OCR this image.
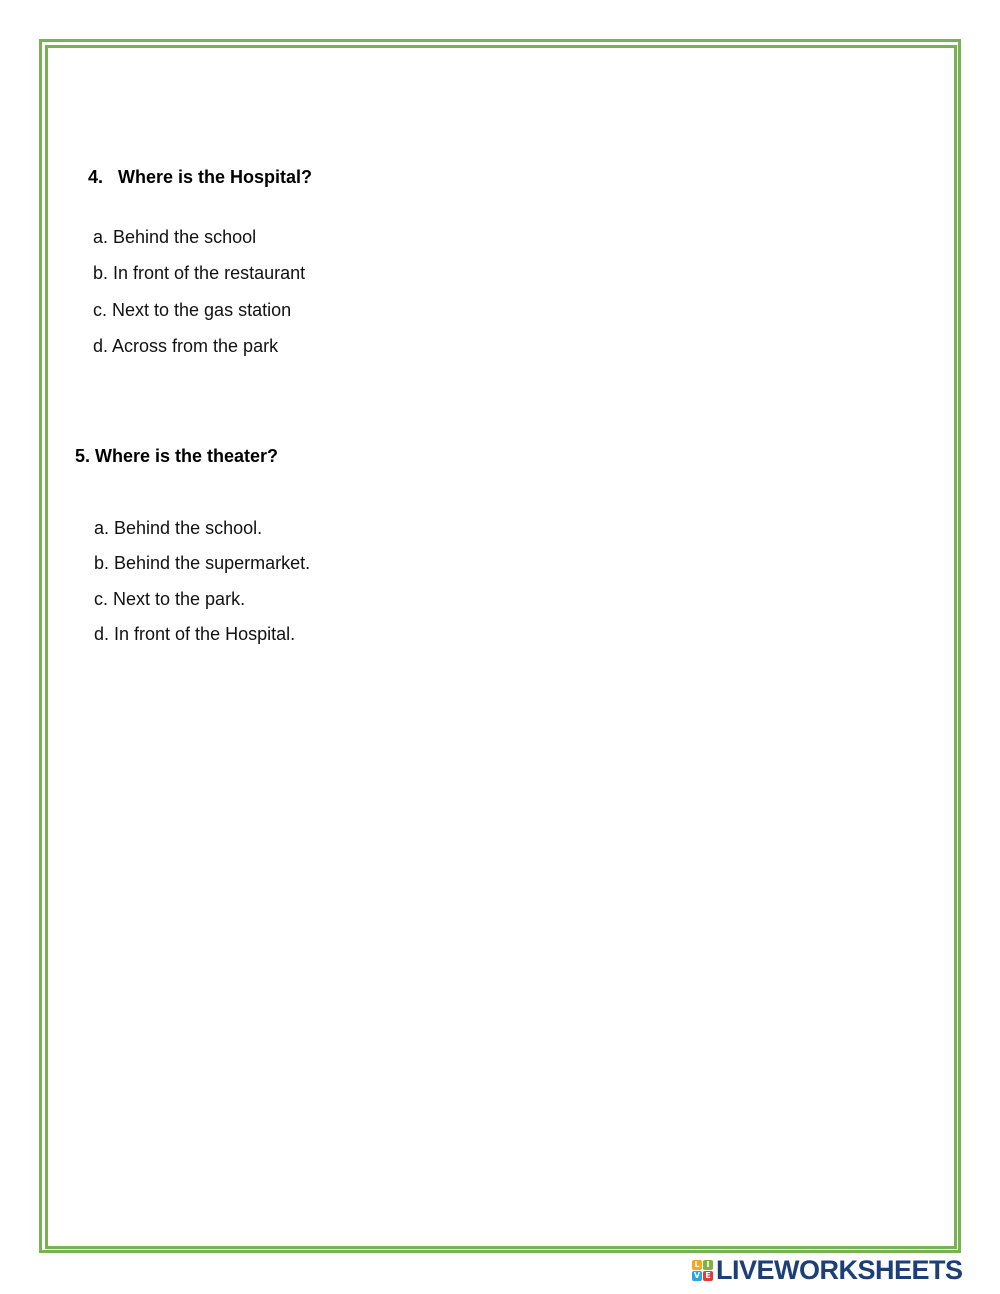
4. Where is the Hospital?
a. Behind the school
b. In front of the restaurant
c. Next to the gas station
d. Across from the park
5. Where is the theater?
a. Behind the school.
b. Behind the supermarket.
c. Next to the park.
d. In front of the Hospital.
L I
V E LIVEWORKSHEETS
